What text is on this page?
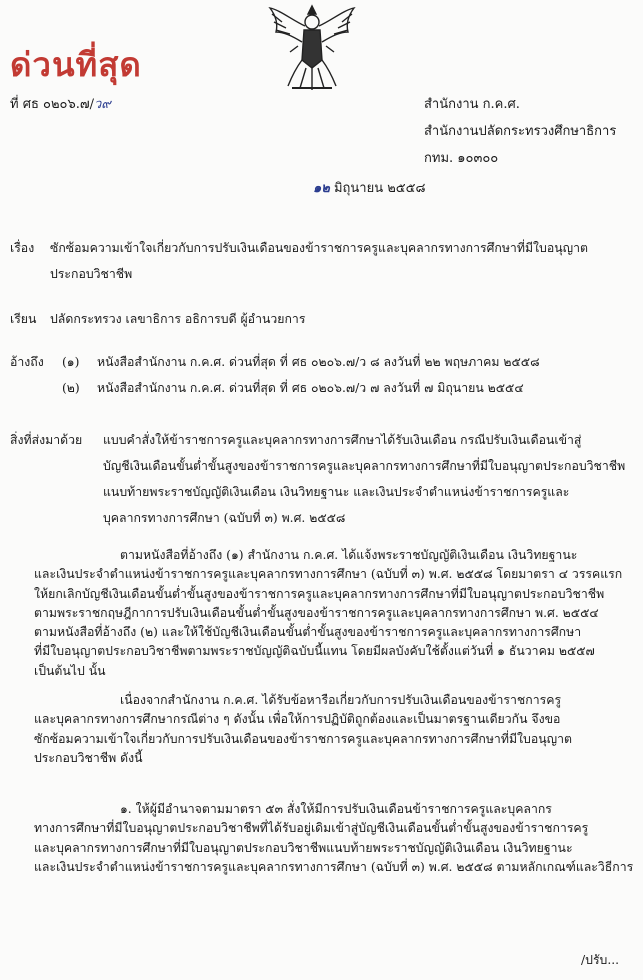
ด่วนที่สุด
ที่ ศธ ๐๒๐๖.๗/ว๙	สำนักงาน ก.ค.ศ.
สำนักงานปลัดกระทรวงศึกษาธิการ
กทม. ๑๐๓๐๐
๑๒ มิถุนายน ๒๕๕๘
เรื่อง ซักซ้อมความเข้าใจเกี่ยวกับการปรับเงินเดือนของข้าราชการครูและบุคลากรทางการศึกษาที่มีใบอนุญาต
ประกอบวิชาชีพ
เรียน ปลัดกระทรวง เลขาธิการ อธิการบดี ผู้อำนวยการ
อ้างถึง (๑) หนังสือสำนักงาน ก.ค.ศ. ด่วนที่สุด ที่ ศธ ๐๒๐๖.๗/ว ๘ ลงวันที่ ๒๒ พฤษภาคม ๒๕๕๘
(๒) หนังสือสำนักงาน ก.ค.ศ. ด่วนที่สุด ที่ ศธ ๐๒๐๖.๗/ว ๗ ลงวันที่ ๗ มิถุนายน ๒๕๕๔
สิ่งที่ส่งมาด้วย แบบคำสั่งให้ข้าราชการครูและบุคลากรทางการศึกษาได้รับเงินเดือน กรณีปรับเงินเดือนเข้าสู่
บัญชีเงินเดือนขั้นต่ำขั้นสูงของข้าราชการครูและบุคลากรทางการศึกษาที่มีใบอนุญาตประกอบวิชาชีพ
แนบท้ายพระราชบัญญัติเงินเดือน เงินวิทยฐานะ และเงินประจำตำแหน่งข้าราชการครูและ
บุคลากรทางการศึกษา (ฉบับที่ ๓) พ.ศ. ๒๕๕๘
ตามหนังสือที่อ้างถึง (๑) สำนักงาน ก.ค.ศ. ได้แจ้งพระราชบัญญัติเงินเดือน เงินวิทยฐานะ
และเงินประจำตำแหน่งข้าราชการครูและบุคลากรทางการศึกษา (ฉบับที่ ๓) พ.ศ. ๒๕๕๘ โดยมาตรา ๔ วรรคแรก
ให้ยกเลิกบัญชีเงินเดือนขั้นต่ำขั้นสูงของข้าราชการครูและบุคลากรทางการศึกษาที่มีใบอนุญาตประกอบวิชาชีพ
ตามพระราชกฤษฎีกาการปรับเงินเดือนขั้นต่ำขั้นสูงของข้าราชการครูและบุคลากรทางการศึกษา พ.ศ. ๒๕๕๔
ตามหนังสือที่อ้างถึง (๒) และให้ใช้บัญชีเงินเดือนขั้นต่ำขั้นสูงของข้าราชการครูและบุคลากรทางการศึกษา
ที่มีใบอนุญาตประกอบวิชาชีพตามพระราชบัญญัติฉบับนี้แทน โดยมีผลบังคับใช้ตั้งแต่วันที่ ๑ ธันวาคม ๒๕๕๗
เป็นต้นไป นั้น
เนื่องจากสำนักงาน ก.ค.ศ. ได้รับข้อหารือเกี่ยวกับการปรับเงินเดือนของข้าราชการครู
และบุคลากรทางการศึกษากรณีต่าง ๆ ดังนั้น เพื่อให้การปฏิบัติถูกต้องและเป็นมาตรฐานเดียวกัน จึงขอ
ซักซ้อมความเข้าใจเกี่ยวกับการปรับเงินเดือนของข้าราชการครูและบุคลากรทางการศึกษาที่มีใบอนุญาต
ประกอบวิชาชีพ ดังนี้
๑. ให้ผู้มีอำนาจตามมาตรา ๕๓ สั่งให้มีการปรับเงินเดือนข้าราชการครูและบุคลากร
ทางการศึกษาที่มีใบอนุญาตประกอบวิชาชีพที่ได้รับอยู่เดิมเข้าสู่บัญชีเงินเดือนขั้นต่ำขั้นสูงของข้าราชการครู
และบุคลากรทางการศึกษาที่มีใบอนุญาตประกอบวิชาชีพแนบท้ายพระราชบัญญัติเงินเดือน เงินวิทยฐานะ
และเงินประจำตำแหน่งข้าราชการครูและบุคลากรทางการศึกษา (ฉบับที่ ๓) พ.ศ. ๒๕๕๘ ตามหลักเกณฑ์และวิธีการ
/ปรับ...
